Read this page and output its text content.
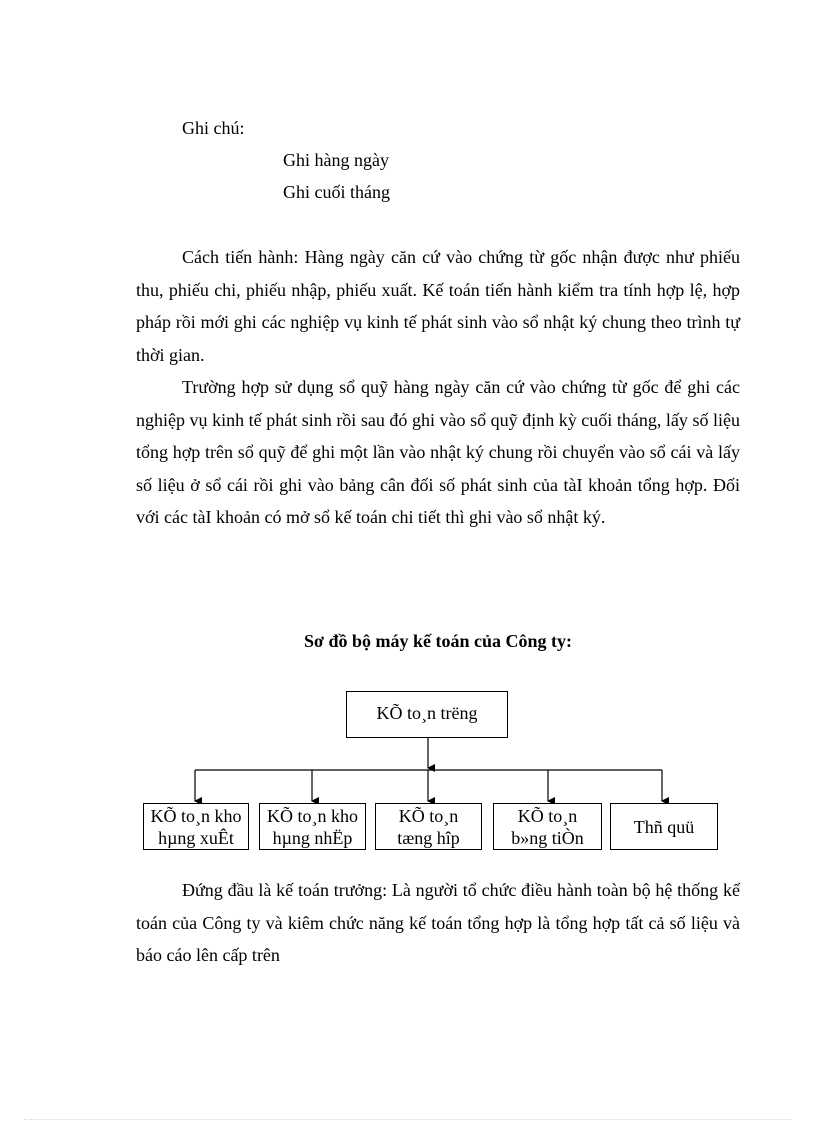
Ghi chú:
Ghi hàng ngày
Ghi cuối tháng
Cách tiến hành: Hàng ngày căn cứ vào chứng từ gốc nhận được như phiếu thu, phiếu chi, phiếu nhập, phiếu xuất. Kế toán tiến hành kiểm tra tính hợp lệ, hợp pháp rồi mới ghi các nghiệp vụ kinh tế phát sinh vào sổ nhật ký chung theo trình tự thời gian.
Trường hợp sử dụng sổ quỹ hàng ngày căn cứ vào chứng từ gốc để ghi các nghiệp vụ kinh tế phát sinh rồi sau đó ghi vào sổ quỹ định kỳ cuối tháng, lấy số liệu tổng hợp trên sổ quỹ để ghi một lần vào nhật ký chung rồi chuyển vào sổ cái và lấy số liệu ở sổ cái rồi ghi vào bảng cân đối số phát sinh của tàI khoản tổng hợp. Đối với các tàI khoản có mở sổ kế toán chi tiết thì ghi vào sổ nhật ký.
Sơ đồ bộ máy kế toán của Công ty:
KÕ to¸n trëng
KÕ to¸n kho
hµng xuÊt
KÕ to¸n kho
hµng nhËp
KÕ to¸n
tæng hîp
KÕ to¸n
b»ng tiÒn
Thñ quü
Đứng đầu là kế toán trưởng: Là người tổ chức điều hành toàn bộ hệ thống kế toán của Công ty và kiêm chức năng kế toán tổng hợp là tổng hợp tất cả số liệu và báo cáo lên cấp trên
